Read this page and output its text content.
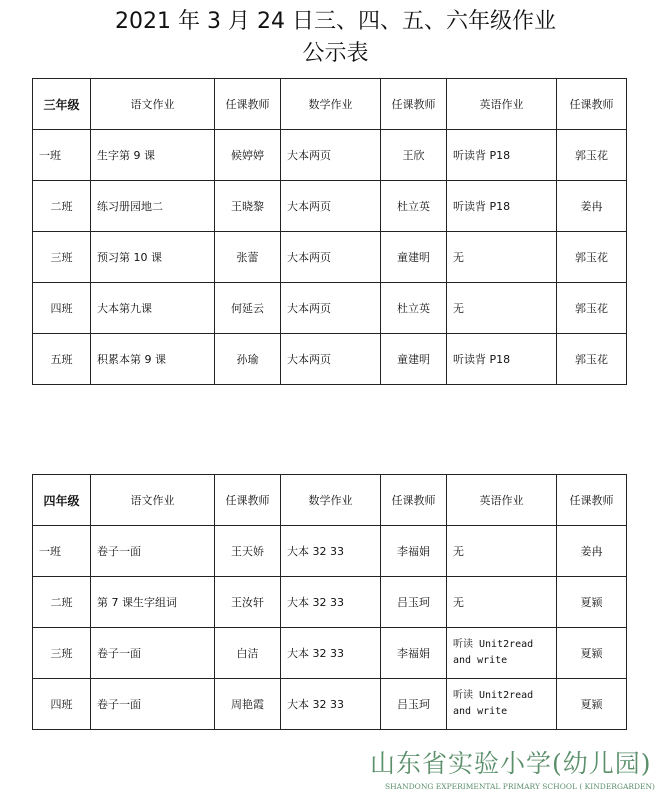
2021 年 3 月 24 日三、四、五、六年级作业
公示表
三年级	语文作业	任课教师	数学作业	任课教师	英语作业	任课教师
一班	生字第 9 课	候婷婷	大本两页	王欣	听读背 P18	郭玉花
二班	练习册园地二	王晓黎	大本两页	杜立英	听读背 P18	姜冉
三班	预习第 10 课	张蕾	大本两页	童建明	无	郭玉花
四班	大本第九课	何延云	大本两页	杜立英	无	郭玉花
五班	积累本第 9 课	孙瑜	大本两页	童建明	听读背 P18	郭玉花
四年级	语文作业	任课教师	数学作业	任课教师	英语作业	任课教师
一班	卷子一面	王天娇	大本 32 33	李福娟	无	姜冉
二班	第 7 课生字组词	王汝轩	大本 32 33	吕玉珂	无	夏颍
三班	卷子一面	白洁	大本 32 33	李福娟	听读 Unit2read and write	夏颍
四班	卷子一面	周艳霞	大本 32 33	吕玉珂	听读 Unit2read and write	夏颍
山东省实验小学(幼儿园)
SHANDONG EXPERIMENTAL PRIMARY SCHOOL ( KINDERGARDEN)
